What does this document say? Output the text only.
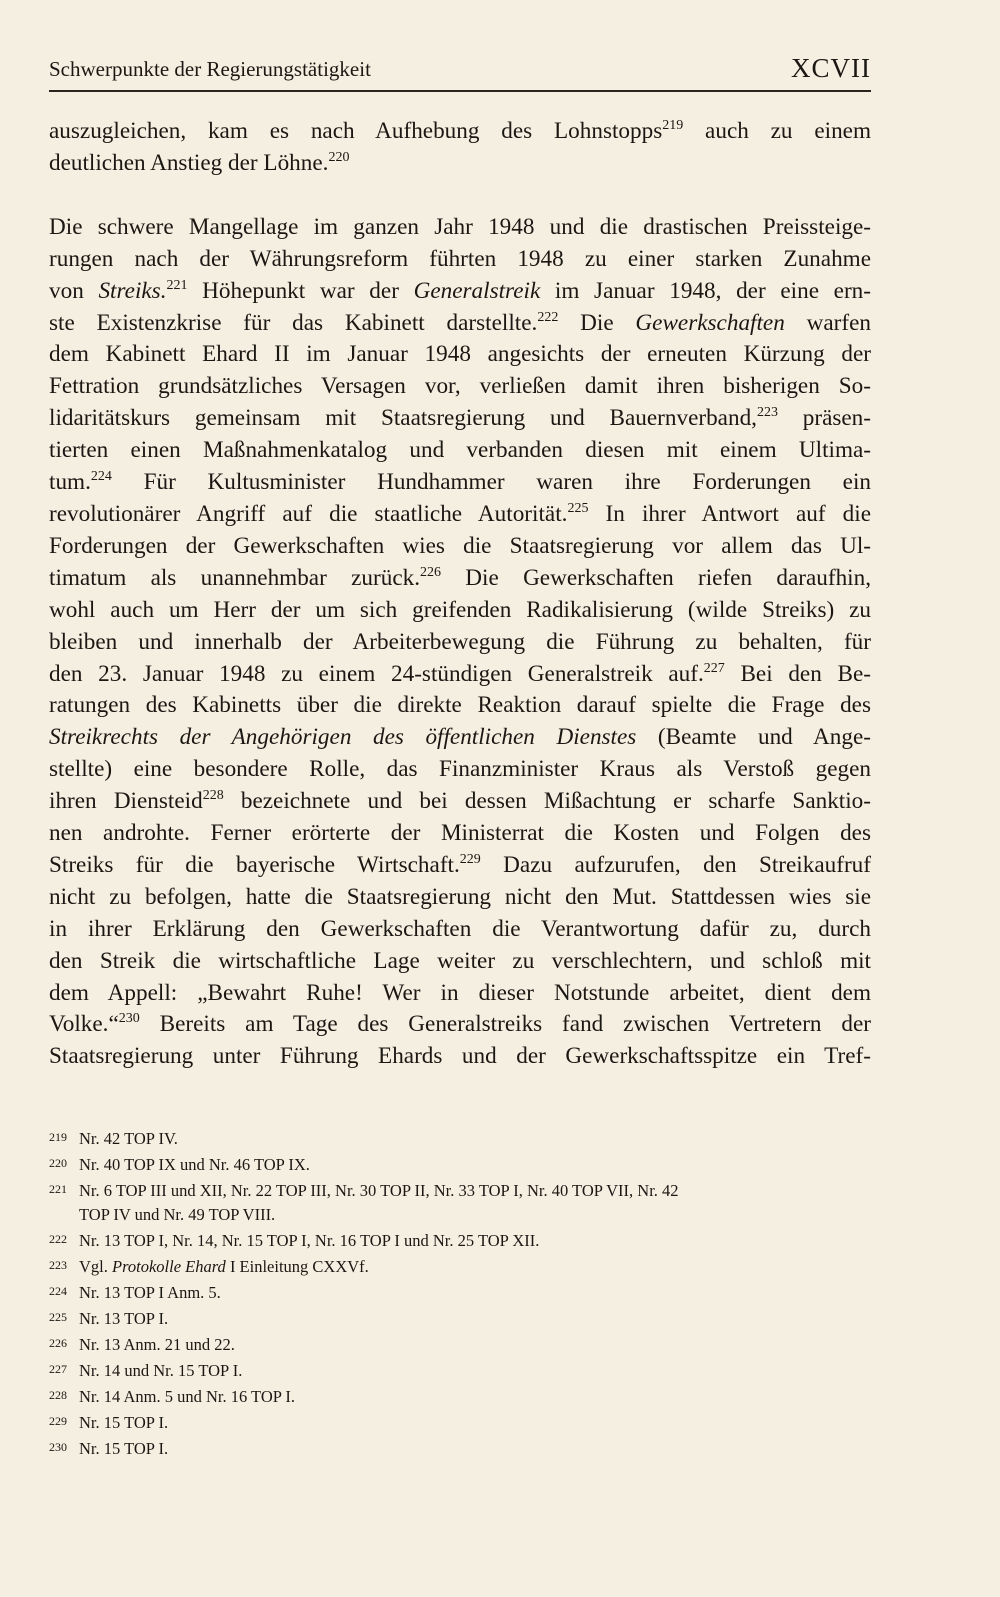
Schwerpunkte der Regierungstätigkeit	XCVII
auszugleichen, kam es nach Aufhebung des Lohnstopps$^{219}$ auch zu einem
deutlichen Anstieg der Löhne.$^{220}$
Die schwere Mangellage im ganzen Jahr 1948 und die drastischen Preissteige-
rungen nach der Währungsreform führten 1948 zu einer starken Zunahme
von Streiks.$^{221}$ Höhepunkt war der Generalstreik im Januar 1948, der eine ern-
ste Existenzkrise für das Kabinett darstellte.$^{222}$ Die Gewerkschaften warfen
dem Kabinett Ehard II im Januar 1948 angesichts der erneuten Kürzung der
Fettration grundsätzliches Versagen vor, verließen damit ihren bisherigen So-
lidaritätskurs gemeinsam mit Staatsregierung und Bauernverband,$^{223}$ präsen-
tierten einen Maßnahmenkatalog und verbanden diesen mit einem Ultima-
tum.$^{224}$ Für Kultusminister Hundhammer waren ihre Forderungen ein
revolutionärer Angriff auf die staatliche Autorität.$^{225}$ In ihrer Antwort auf die
Forderungen der Gewerkschaften wies die Staatsregierung vor allem das Ul-
timatum als unannehmbar zurück.$^{226}$ Die Gewerkschaften riefen daraufhin,
wohl auch um Herr der um sich greifenden Radikalisierung (wilde Streiks) zu
bleiben und innerhalb der Arbeiterbewegung die Führung zu behalten, für
den 23. Januar 1948 zu einem 24-stündigen Generalstreik auf.$^{227}$ Bei den Be-
ratungen des Kabinetts über die direkte Reaktion darauf spielte die Frage des
Streikrechts der Angehörigen des öffentlichen Dienstes (Beamte und Ange-
stellte) eine besondere Rolle, das Finanzminister Kraus als Verstoß gegen
ihren Diensteid$^{228}$ bezeichnete und bei dessen Mißachtung er scharfe Sanktio-
nen androhte. Ferner erörterte der Ministerrat die Kosten und Folgen des
Streiks für die bayerische Wirtschaft.$^{229}$ Dazu aufzurufen, den Streikaufruf
nicht zu befolgen, hatte die Staatsregierung nicht den Mut. Stattdessen wies sie
in ihrer Erklärung den Gewerkschaften die Verantwortung dafür zu, durch
den Streik die wirtschaftliche Lage weiter zu verschlechtern, und schloß mit
dem Appell: „Bewahrt Ruhe! Wer in dieser Notstunde arbeitet, dient dem
Volke.“$^{230}$ Bereits am Tage des Generalstreiks fand zwischen Vertretern der
Staatsregierung unter Führung Ehards und der Gewerkschaftsspitze ein Tref-
219 Nr. 42 TOP IV.
220 Nr. 40 TOP IX und Nr. 46 TOP IX.
221 Nr. 6 TOP III und XII, Nr. 22 TOP III, Nr. 30 TOP II, Nr. 33 TOP I, Nr. 40 TOP VII, Nr. 42
TOP IV und Nr. 49 TOP VIII.
222 Nr. 13 TOP I, Nr. 14, Nr. 15 TOP I, Nr. 16 TOP I und Nr. 25 TOP XII.
223 Vgl. Protokolle Ehard I Einleitung CXXVf.
224 Nr. 13 TOP I Anm. 5.
225 Nr. 13 TOP I.
226 Nr. 13 Anm. 21 und 22.
227 Nr. 14 und Nr. 15 TOP I.
228 Nr. 14 Anm. 5 und Nr. 16 TOP I.
229 Nr. 15 TOP I.
230 Nr. 15 TOP I.
